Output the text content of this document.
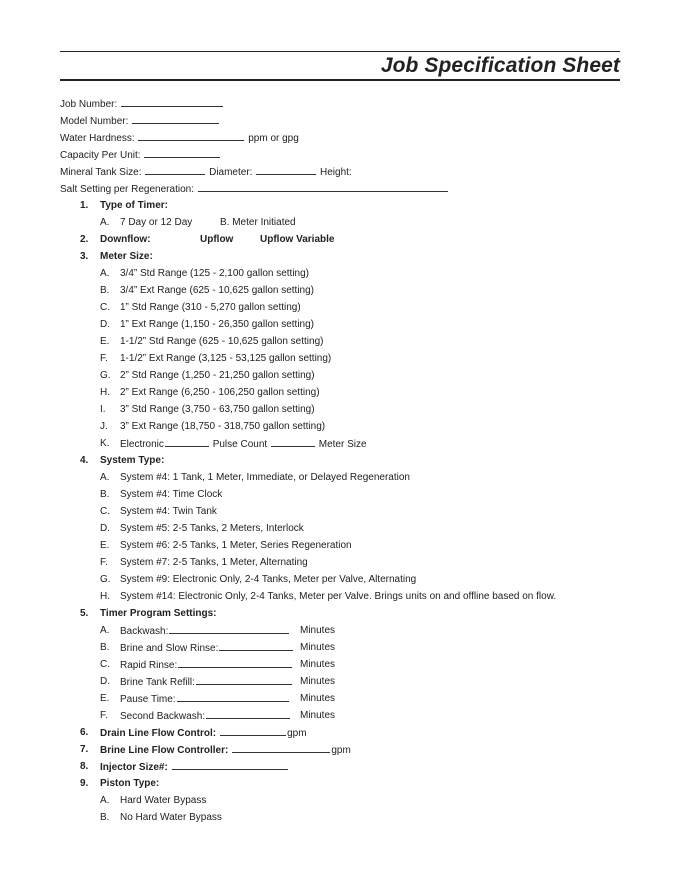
Job Specification Sheet
Job Number:
Model Number:
Water Hardness:	ppm or gpg
Capacity Per Unit:
Mineral Tank Size:	Diameter:	Height:
Salt Setting per Regeneration:
1. Type of Timer:
A. 7 Day or 12 Day	B. Meter Initiated
2. Downflow:	Upflow	Upflow Variable
3. Meter Size:
A. 3/4” Std Range (125 - 2,100 gallon setting)
B. 3/4” Ext Range (625 - 10,625 gallon setting)
C. 1” Std Range (310 - 5,270 gallon setting)
D. 1” Ext Range (1,150 - 26,350 gallon setting)
E. 1-1/2” Std Range (625 - 10,625 gallon setting)
F. 1-1/2” Ext Range (3,125 - 53,125 gallon setting)
G. 2” Std Range (1,250 - 21,250 gallon setting)
H. 2” Ext Range (6,250 - 106,250 gallon setting)
I. 3” Std Range (3,750 - 63,750 gallon setting)
J. 3” Ext Range (18,750 - 318,750 gallon setting)
K. Electronic	Pulse Count	Meter Size
4. System Type:
A. System #4: 1 Tank, 1 Meter, Immediate, or Delayed Regeneration
B. System #4: Time Clock
C. System #4: Twin Tank
D. System #5: 2-5 Tanks, 2 Meters, Interlock
E. System #6: 2-5 Tanks, 1 Meter, Series Regeneration
F. System #7: 2-5 Tanks, 1 Meter, Alternating
G. System #9: Electronic Only, 2-4 Tanks, Meter per Valve, Alternating
H. System #14: Electronic Only, 2-4 Tanks, Meter per Valve. Brings units on and offline based on flow.
5. Timer Program Settings:
A. Backwash:	Minutes
B. Brine and Slow Rinse:	Minutes
C. Rapid Rinse:	Minutes
D. Brine Tank Refill:	Minutes
E. Pause Time:	Minutes
F. Second Backwash:	Minutes
6. Drain Line Flow Control:	gpm
7. Brine Line Flow Controller:	gpm
8. Injector Size#:
9. Piston Type:
A. Hard Water Bypass
B. No Hard Water Bypass
